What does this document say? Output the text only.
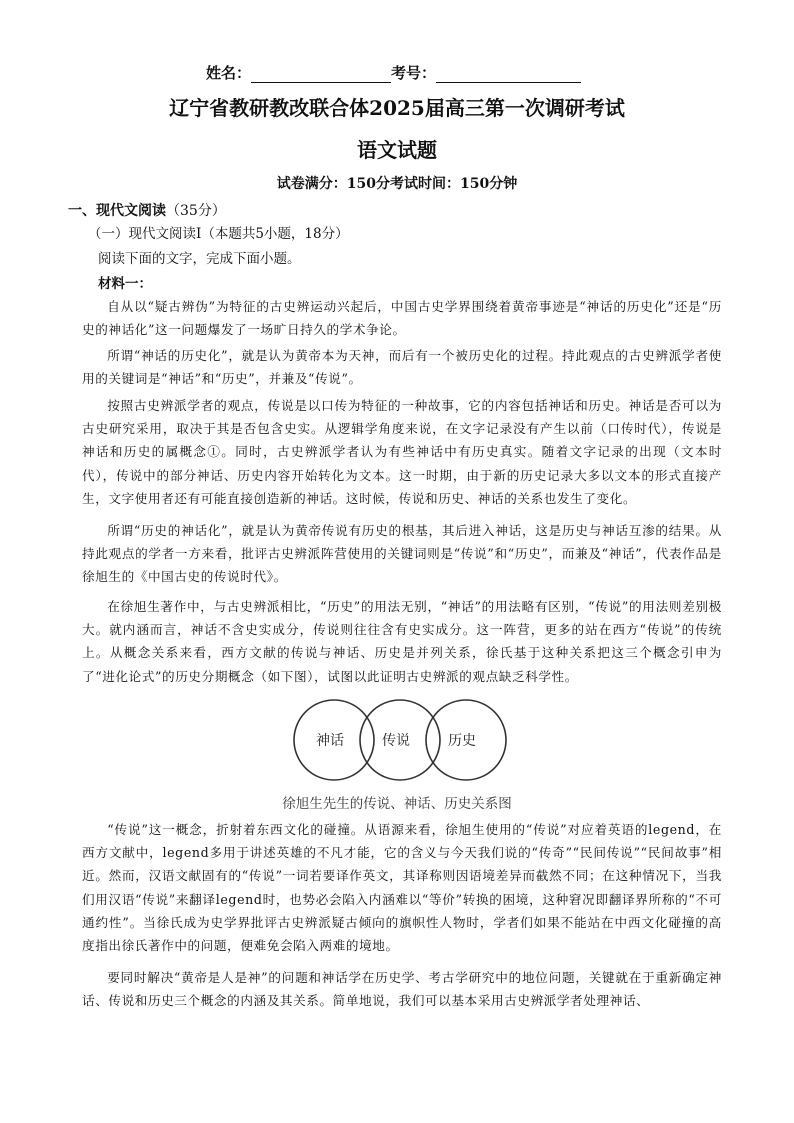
姓名：	考号：
辽宁省教研教改联合体2025届高三第一次调研考试
语文试题
试卷满分：150分考试时间：150分钟
一、现代文阅读（35分）
（一）现代文阅读Ⅰ（本题共5小题，18分）
阅读下面的文字，完成下面小题。
材料一：

自从以“疑古辨伪”为特征的古史辨运动兴起后，中国古史学界围绕着黄帝事迹是“神话的历史化”还是“历史的神话化”这一问题爆发了一场旷日持久的学术争论。

所谓“神话的历史化”，就是认为黄帝本为天神，而后有一个被历史化的过程。持此观点的古史辨派学者使用的关键词是“神话”和“历史”，并兼及“传说”。

按照古史辨派学者的观点，传说是以口传为特征的一种故事，它的内容包括神话和历史。神话是否可以为古史研究采用，取决于其是否包含史实。从逻辑学角度来说，在文字记录没有产生以前（口传时代），传说是神话和历史的属概念①。同时，古史辨派学者认为有些神话中有历史真实。随着文字记录的出现（文本时代），传说中的部分神话、历史内容开始转化为文本。这一时期，由于新的历史记录大多以文本的形式直接产生，文字使用者还有可能直接创造新的神话。这时候，传说和历史、神话的关系也发生了变化。

所谓“历史的神话化”，就是认为黄帝传说有历史的根基，其后进入神话，这是历史与神话互渗的结果。从持此观点的学者一方来看，批评古史辨派阵营使用的关键词则是“传说”和“历史”，而兼及“神话”，代表作品是徐旭生的《中国古史的传说时代》。

在徐旭生著作中，与古史辨派相比，“历史”的用法无别，“神话”的用法略有区别，“传说”的用法则差别极大。就内涵而言，神话不含史实成分，传说则往往含有史实成分。这一阵营，更多的站在西方“传说”的传统上。从概念关系来看，西方文献的传说与神话、历史是并列关系，徐氏基于这种关系把这三个概念引申为了“进化论式”的历史分期概念（如下图），试图以此证明古史辨派的观点缺乏科学性。

神话	传说	历史
徐旭生先生的传说、神话、历史关系图

“传说”这一概念，折射着东西文化的碰撞。从语源来看，徐旭生使用的“传说”对应着英语的legend，在西方文献中，legend多用于讲述英雄的不凡才能，它的含义与今天我们说的“传奇”“民间传说”“民间故事”相近。然而，汉语文献固有的“传说”一词若要译作英文，其译称则因语境差异而截然不同；在这种情况下，当我们用汉语“传说”来翻译legend时，也势必会陷入内涵难以“等价”转换的困境，这种窘况即翻译界所称的“不可通约性”。当徐氏成为史学界批评古史辨派疑古倾向的旗帜性人物时，学者们如果不能站在中西文化碰撞的高度指出徐氏著作中的问题，便难免会陷入两难的境地。

要同时解决“黄帝是人是神”的问题和神话学在历史学、考古学研究中的地位问题，关键就在于重新确定神话、传说和历史三个概念的内涵及其关系。简单地说，我们可以基本采用古史辨派学者处理神话、
